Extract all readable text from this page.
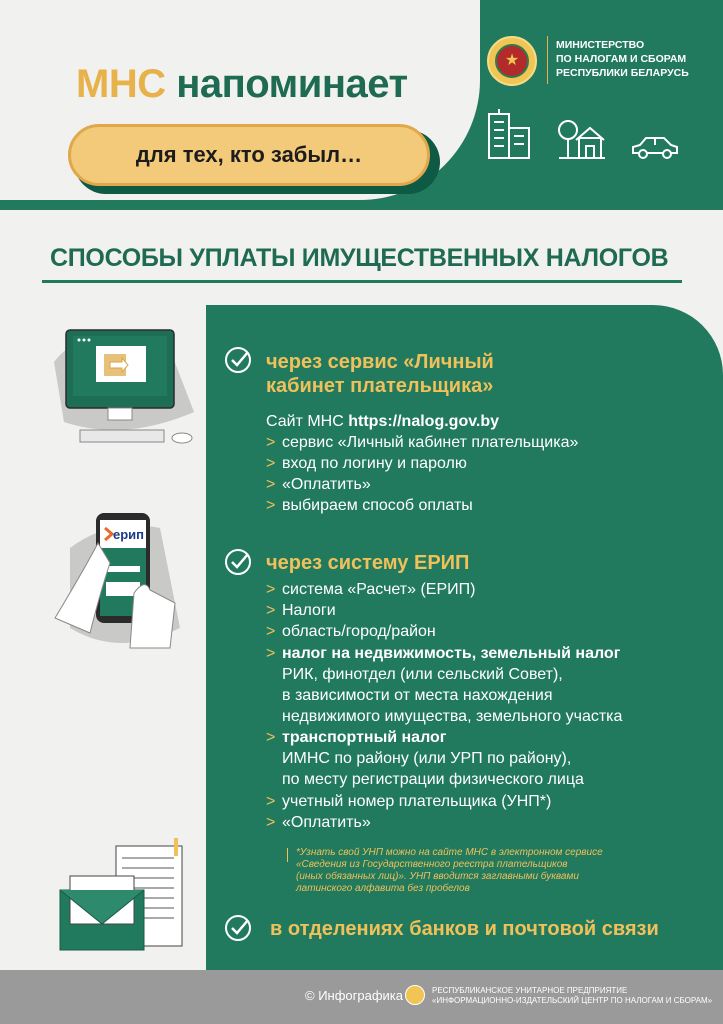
МНС напоминает
для тех, кто забыл…
★
МИНИСТЕРСТВО
ПО НАЛОГАМ И СБОРАМ
РЕСПУБЛИКИ БЕЛАРУСЬ
СПОСОБЫ УПЛАТЫ ИМУЩЕСТВЕННЫХ НАЛОГОВ
ерип
через сервис «Личный
кабинет плательщика»
Сайт МНС https://nalog.gov.by
> сервис «Личный кабинет плательщика»
> вход по логину и паролю
> «Оплатить»
> выбираем способ оплаты
через систему ЕРИП
> система «Расчет» (ЕРИП)
> Налоги
> область/город/район
> налог на недвижимость, земельный налог
РИК, финотдел (или сельский Совет),
в зависимости от места нахождения
недвижимого имущества, земельного участка
> транспортный налог
ИМНС по району (или УРП по району),
по месту регистрации физического лица
> учетный номер плательщика (УНП*)
> «Оплатить»
*Узнать свой УНП можно на сайте МНС в электронном сервисе
«Сведения из Государственного реестра плательщиков
(иных обязанных лиц)». УНП вводится заглавными буквами
латинского алфавита без пробелов
в отделениях банков и почтовой связи
© Инфографика	РЕСПУБЛИКАНСКОЕ УНИТАРНОЕ ПРЕДПРИЯТИЕ
«ИНФОРМАЦИОННО-ИЗДАТЕЛЬСКИЙ ЦЕНТР ПО НАЛОГАМ И СБОРАМ»
